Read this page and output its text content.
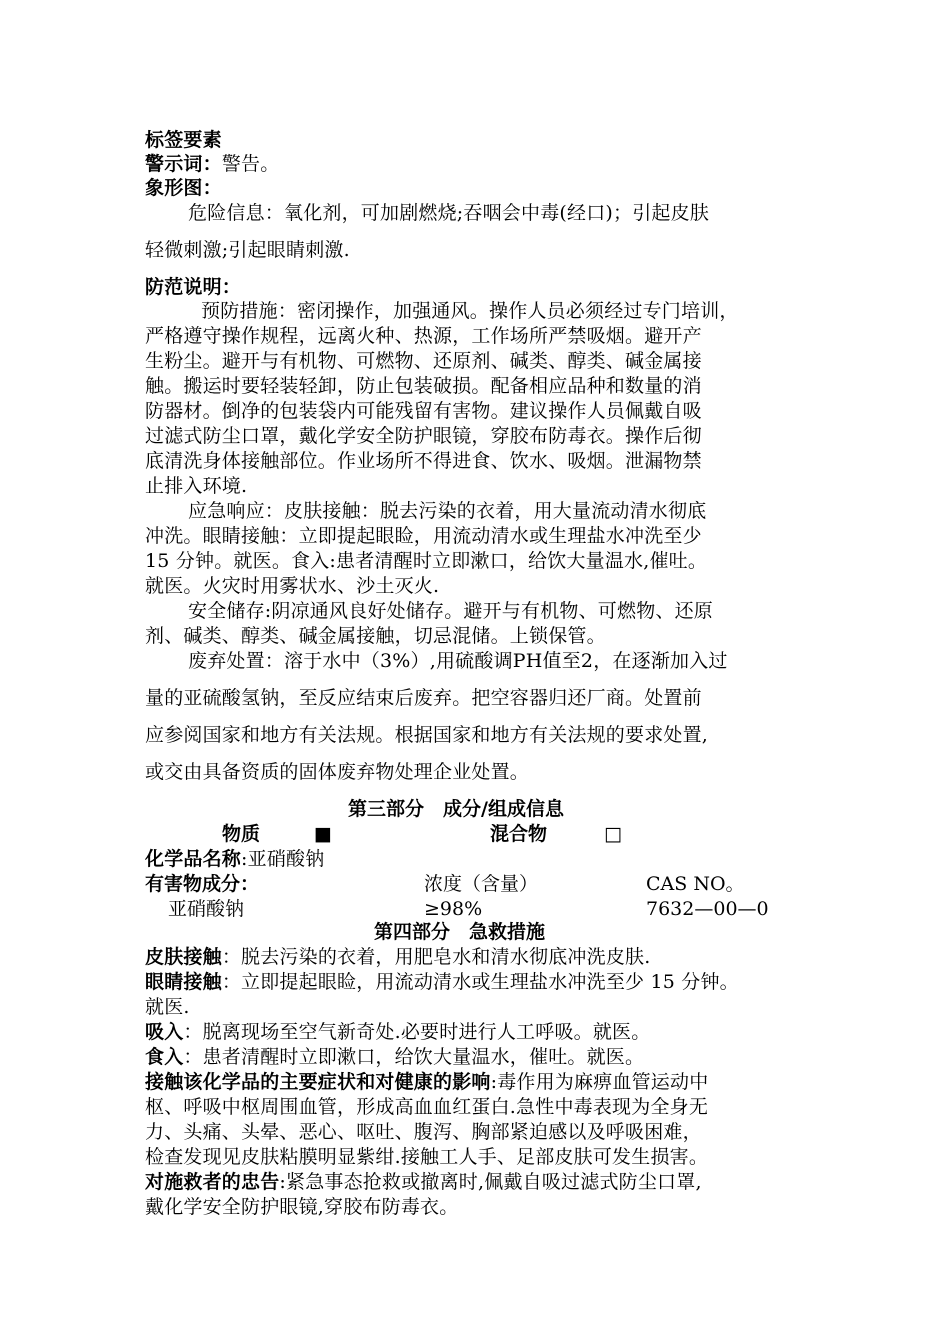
标签要素
警示词：警告。
象形图：
危险信息：氧化剂，可加剧燃烧;吞咽会中毒(经口)；引起皮肤
轻微刺激;引起眼睛刺激.
防范说明：
预防措施：密闭操作，加强通风。操作人员必须经过专门培训，
严格遵守操作规程，远离火种、热源，工作场所严禁吸烟。避开产
生粉尘。避开与有机物、可燃物、还原剂、碱类、醇类、碱金属接
触。搬运时要轻装轻卸，防止包装破损。配备相应品种和数量的消
防器材。倒净的包装袋内可能残留有害物。建议操作人员佩戴自吸
过滤式防尘口罩，戴化学安全防护眼镜，穿胶布防毒衣。操作后彻
底清洗身体接触部位。作业场所不得进食、饮水、吸烟。泄漏物禁
止排入环境.
应急响应：皮肤接触：脱去污染的衣着，用大量流动清水彻底
冲洗。眼睛接触：立即提起眼睑，用流动清水或生理盐水冲洗至少
15 分钟。就医。食入:患者清醒时立即漱口，给饮大量温水,催吐。
就医。火灾时用雾状水、沙土灭火.
安全储存:阴凉通风良好处储存。避开与有机物、可燃物、还原
剂、碱类、醇类、碱金属接触，切忌混储。上锁保管。
废弃处置：溶于水中（3%）,用硫酸调PH值至2，在逐渐加入过
量的亚硫酸氢钠，至反应结束后废弃。把空容器归还厂商。处置前
应参阅国家和地方有关法规。根据国家和地方有关法规的要求处置,
或交由具备资质的固体废弃物处理企业处置。
第三部分　成分/组成信息
物质	■	混合物	□
化学品名称:亚硝酸钠
有害物成分：	浓度（含量）	CAS NO。
亚硝酸钠	≥98%	7632—00—0
第四部分　急救措施
皮肤接触：脱去污染的衣着，用肥皂水和清水彻底冲洗皮肤.
眼睛接触：立即提起眼睑，用流动清水或生理盐水冲洗至少 15 分钟。
就医.
吸入：脱离现场至空气新奇处.必要时进行人工呼吸。就医。
食入：患者清醒时立即漱口，给饮大量温水，催吐。就医。
接触该化学品的主要症状和对健康的影响:毒作用为麻痹血管运动中
枢、呼吸中枢周围血管，形成高血血红蛋白.急性中毒表现为全身无
力、头痛、头晕、恶心、呕吐、腹泻、胸部紧迫感以及呼吸困难，
检查发现见皮肤粘膜明显紫绀.接触工人手、足部皮肤可发生损害。
对施救者的忠告:紧急事态抢救或撤离时,佩戴自吸过滤式防尘口罩,
戴化学安全防护眼镜,穿胶布防毒衣。
